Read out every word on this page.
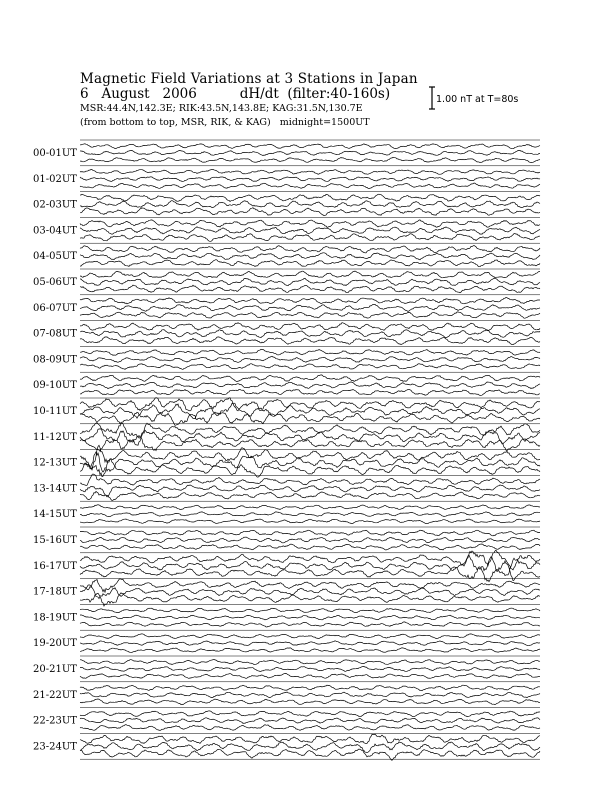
Magnetic Field Variations at 3 Stations in Japan
6 August 2006	dH/dt (filter:40-160s)
MSR:44.4N,142.3E; RIK:43.5N,143.8E; KAG:31.5N,130.7E
(from bottom to top, MSR, RIK, & KAG) midnight=1500UT
1.00 nT at T=80s
00-01UT
01-02UT
02-03UT
03-04UT
04-05UT
05-06UT
06-07UT
07-08UT
08-09UT
09-10UT
10-11UT
11-12UT
12-13UT
13-14UT
14-15UT
15-16UT
16-17UT
17-18UT
18-19UT
19-20UT
20-21UT
21-22UT
22-23UT
23-24UT
